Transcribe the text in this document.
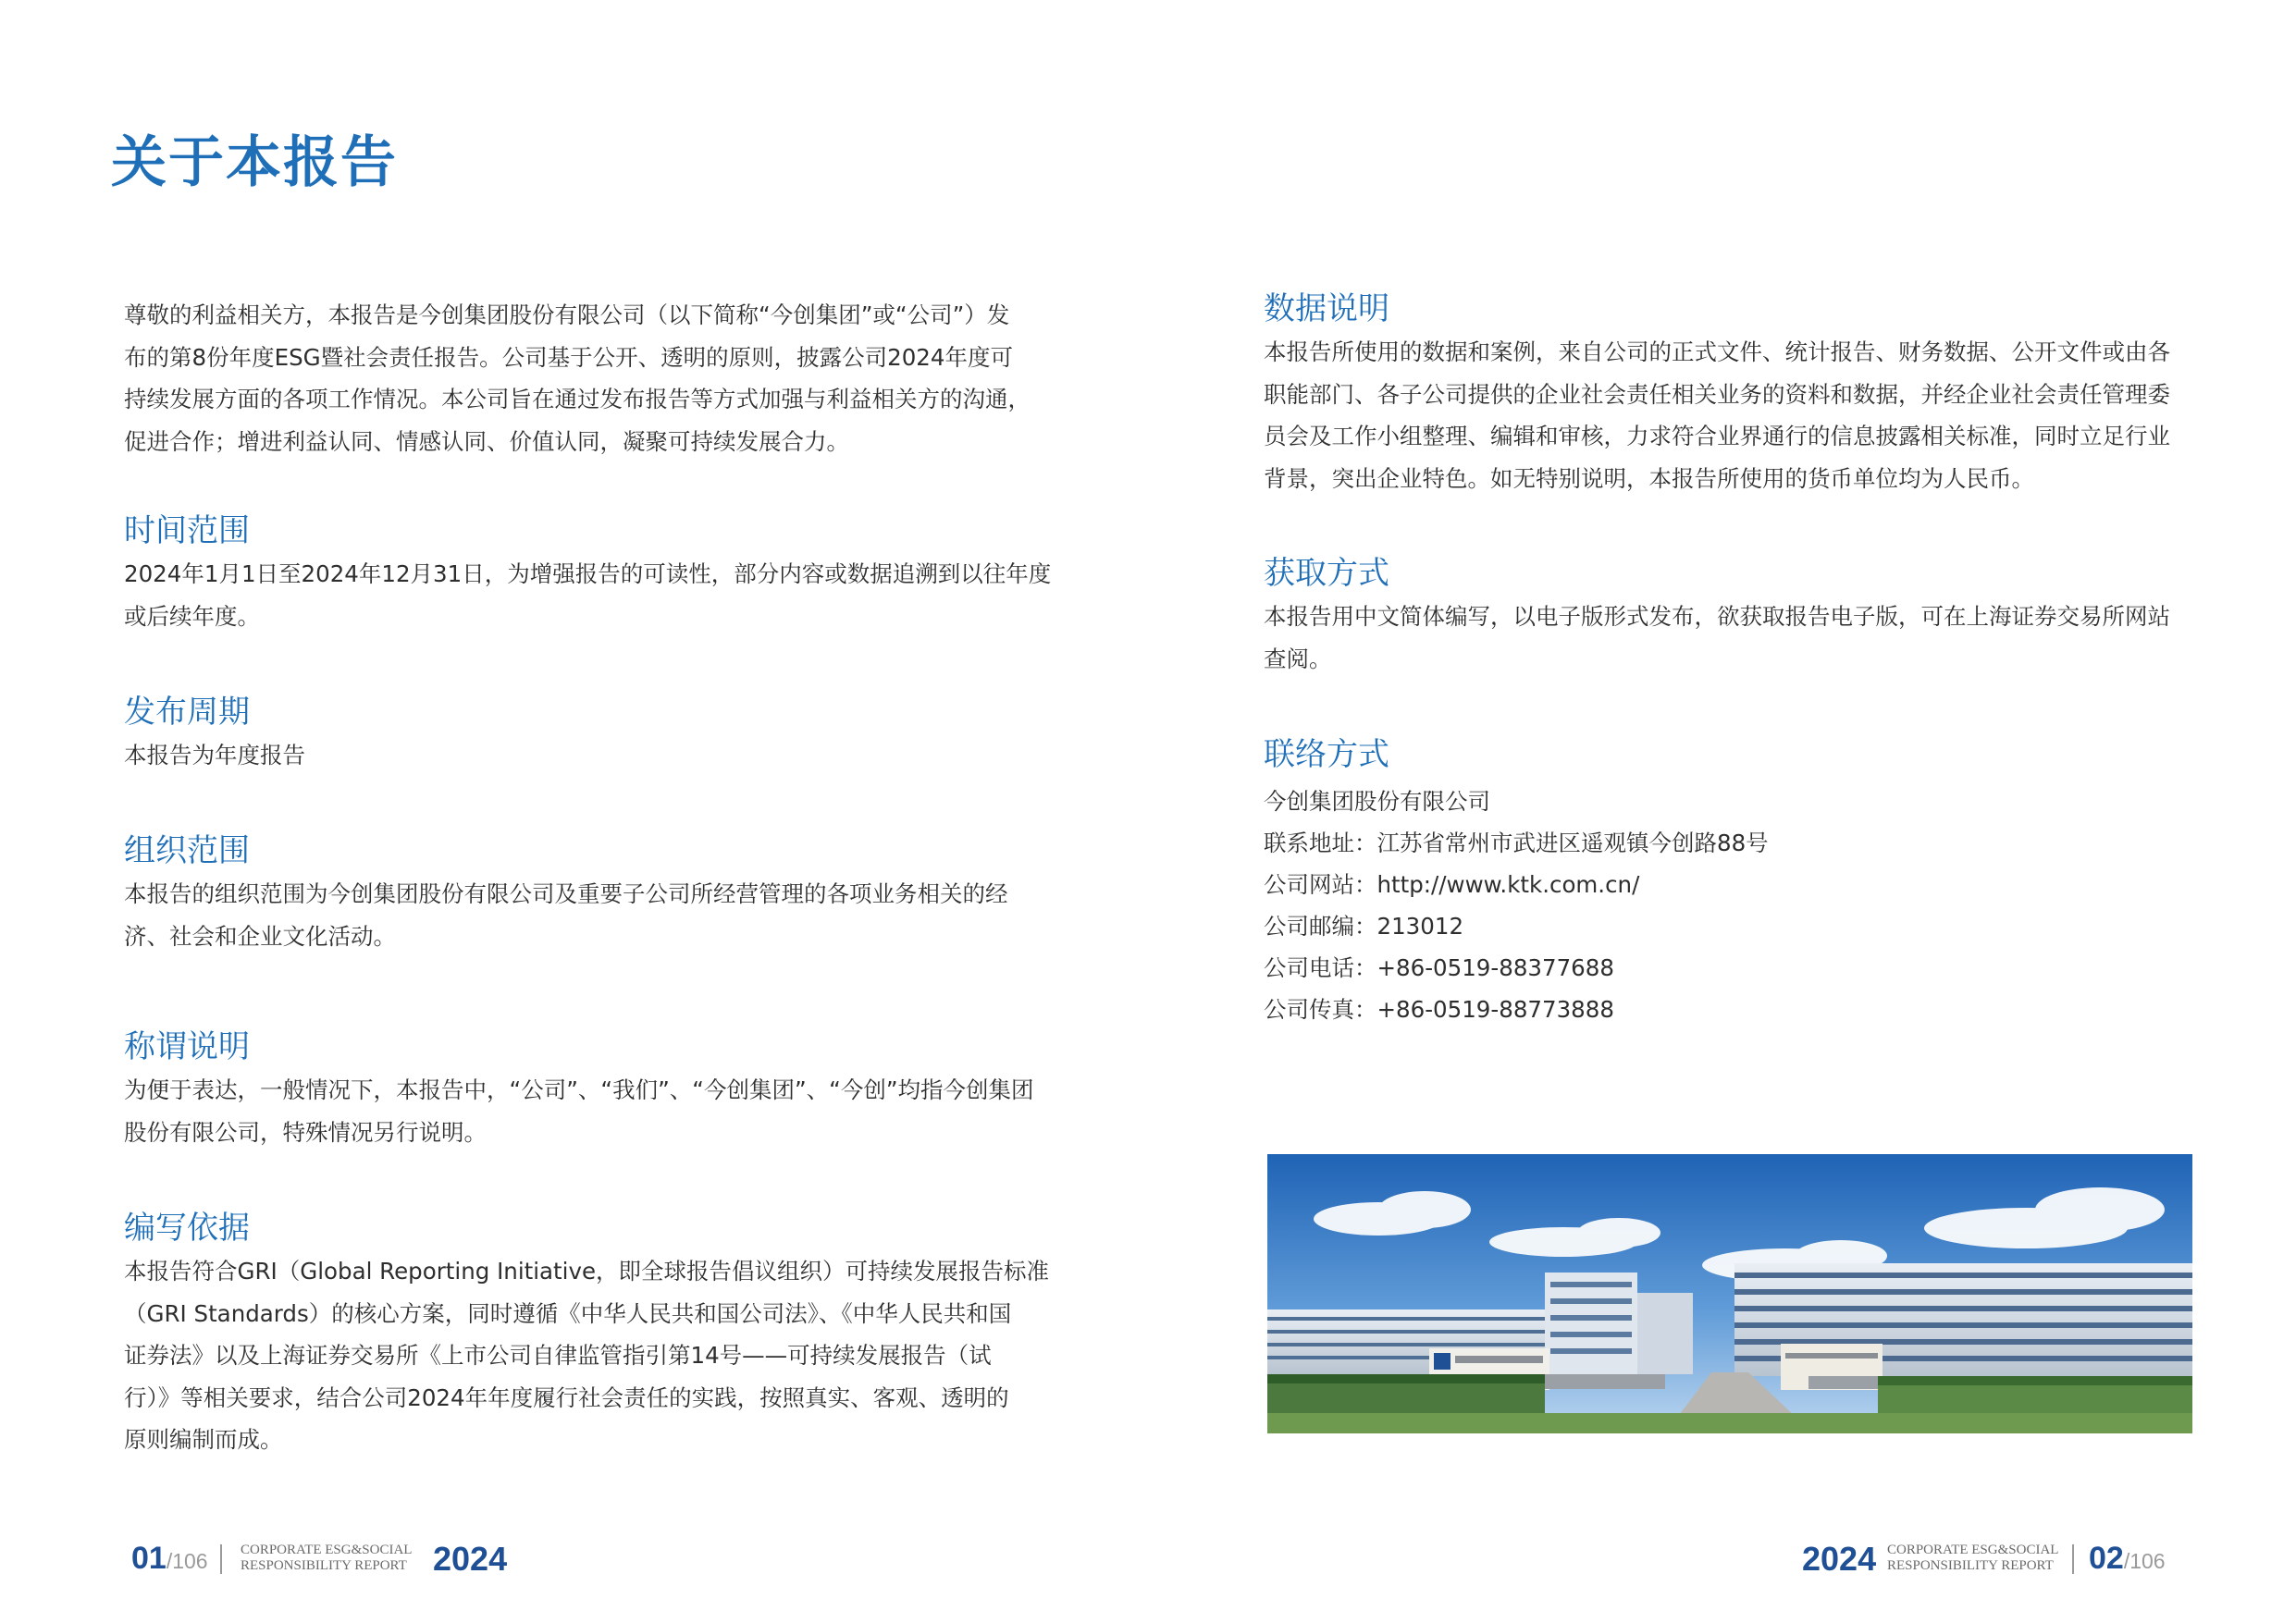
关于本报告

尊敬的利益相关方，本报告是今创集团股份有限公司（以下简称“今创集团”或“公司”）发
布的第8份年度ESG暨社会责任报告。公司基于公开、透明的原则，披露公司2024年度可
持续发展方面的各项工作情况。本公司旨在通过发布报告等方式加强与利益相关方的沟通，
促进合作；增进利益认同、情感认同、价值认同，凝聚可持续发展合力。

时间范围

2024年1月1日至2024年12月31日，为增强报告的可读性，部分内容或数据追溯到以往年度
或后续年度。

发布周期

本报告为年度报告

组织范围

本报告的组织范围为今创集团股份有限公司及重要子公司所经营管理的各项业务相关的经
济、社会和企业文化活动。

称谓说明

为便于表达，一般情况下，本报告中，“公司”、“我们”、“今创集团”、“今创”均指今创集团
股份有限公司，特殊情况另行说明。

编写依据

本报告符合GRI（Global Reporting Initiative，即全球报告倡议组织）可持续发展报告标准
（GRI Standards）的核心方案，同时遵循《中华人民共和国公司法》、《中华人民共和国
证券法》以及上海证券交易所《上市公司自律监管指引第14号——可持续发展报告（试
行）》等相关要求，结合公司2024年年度履行社会责任的实践，按照真实、客观、透明的
原则编制而成。

数据说明

本报告所使用的数据和案例，来自公司的正式文件、统计报告、财务数据、公开文件或由各
职能部门、各子公司提供的企业社会责任相关业务的资料和数据，并经企业社会责任管理委
员会及工作小组整理、编辑和审核，力求符合业界通行的信息披露相关标准，同时立足行业
背景，突出企业特色。如无特别说明，本报告所使用的货币单位均为人民币。

获取方式

本报告用中文简体编写，以电子版形式发布，欲获取报告电子版，可在上海证券交易所网站
查阅。

联络方式
今创集团股份有限公司
联系地址：江苏省常州市武进区遥观镇今创路88号
公司网站：http://www.ktk.com.cn/
公司邮编：213012
公司电话：+86-0519-88377688
公司传真：+86-0519-88773888
01/106 CORPORATE ESG&SOCIAL
RESPONSIBILITY REPORT 2024	2024 CORPORATE ESG&SOCIAL
RESPONSIBILITY REPORT 02/106
